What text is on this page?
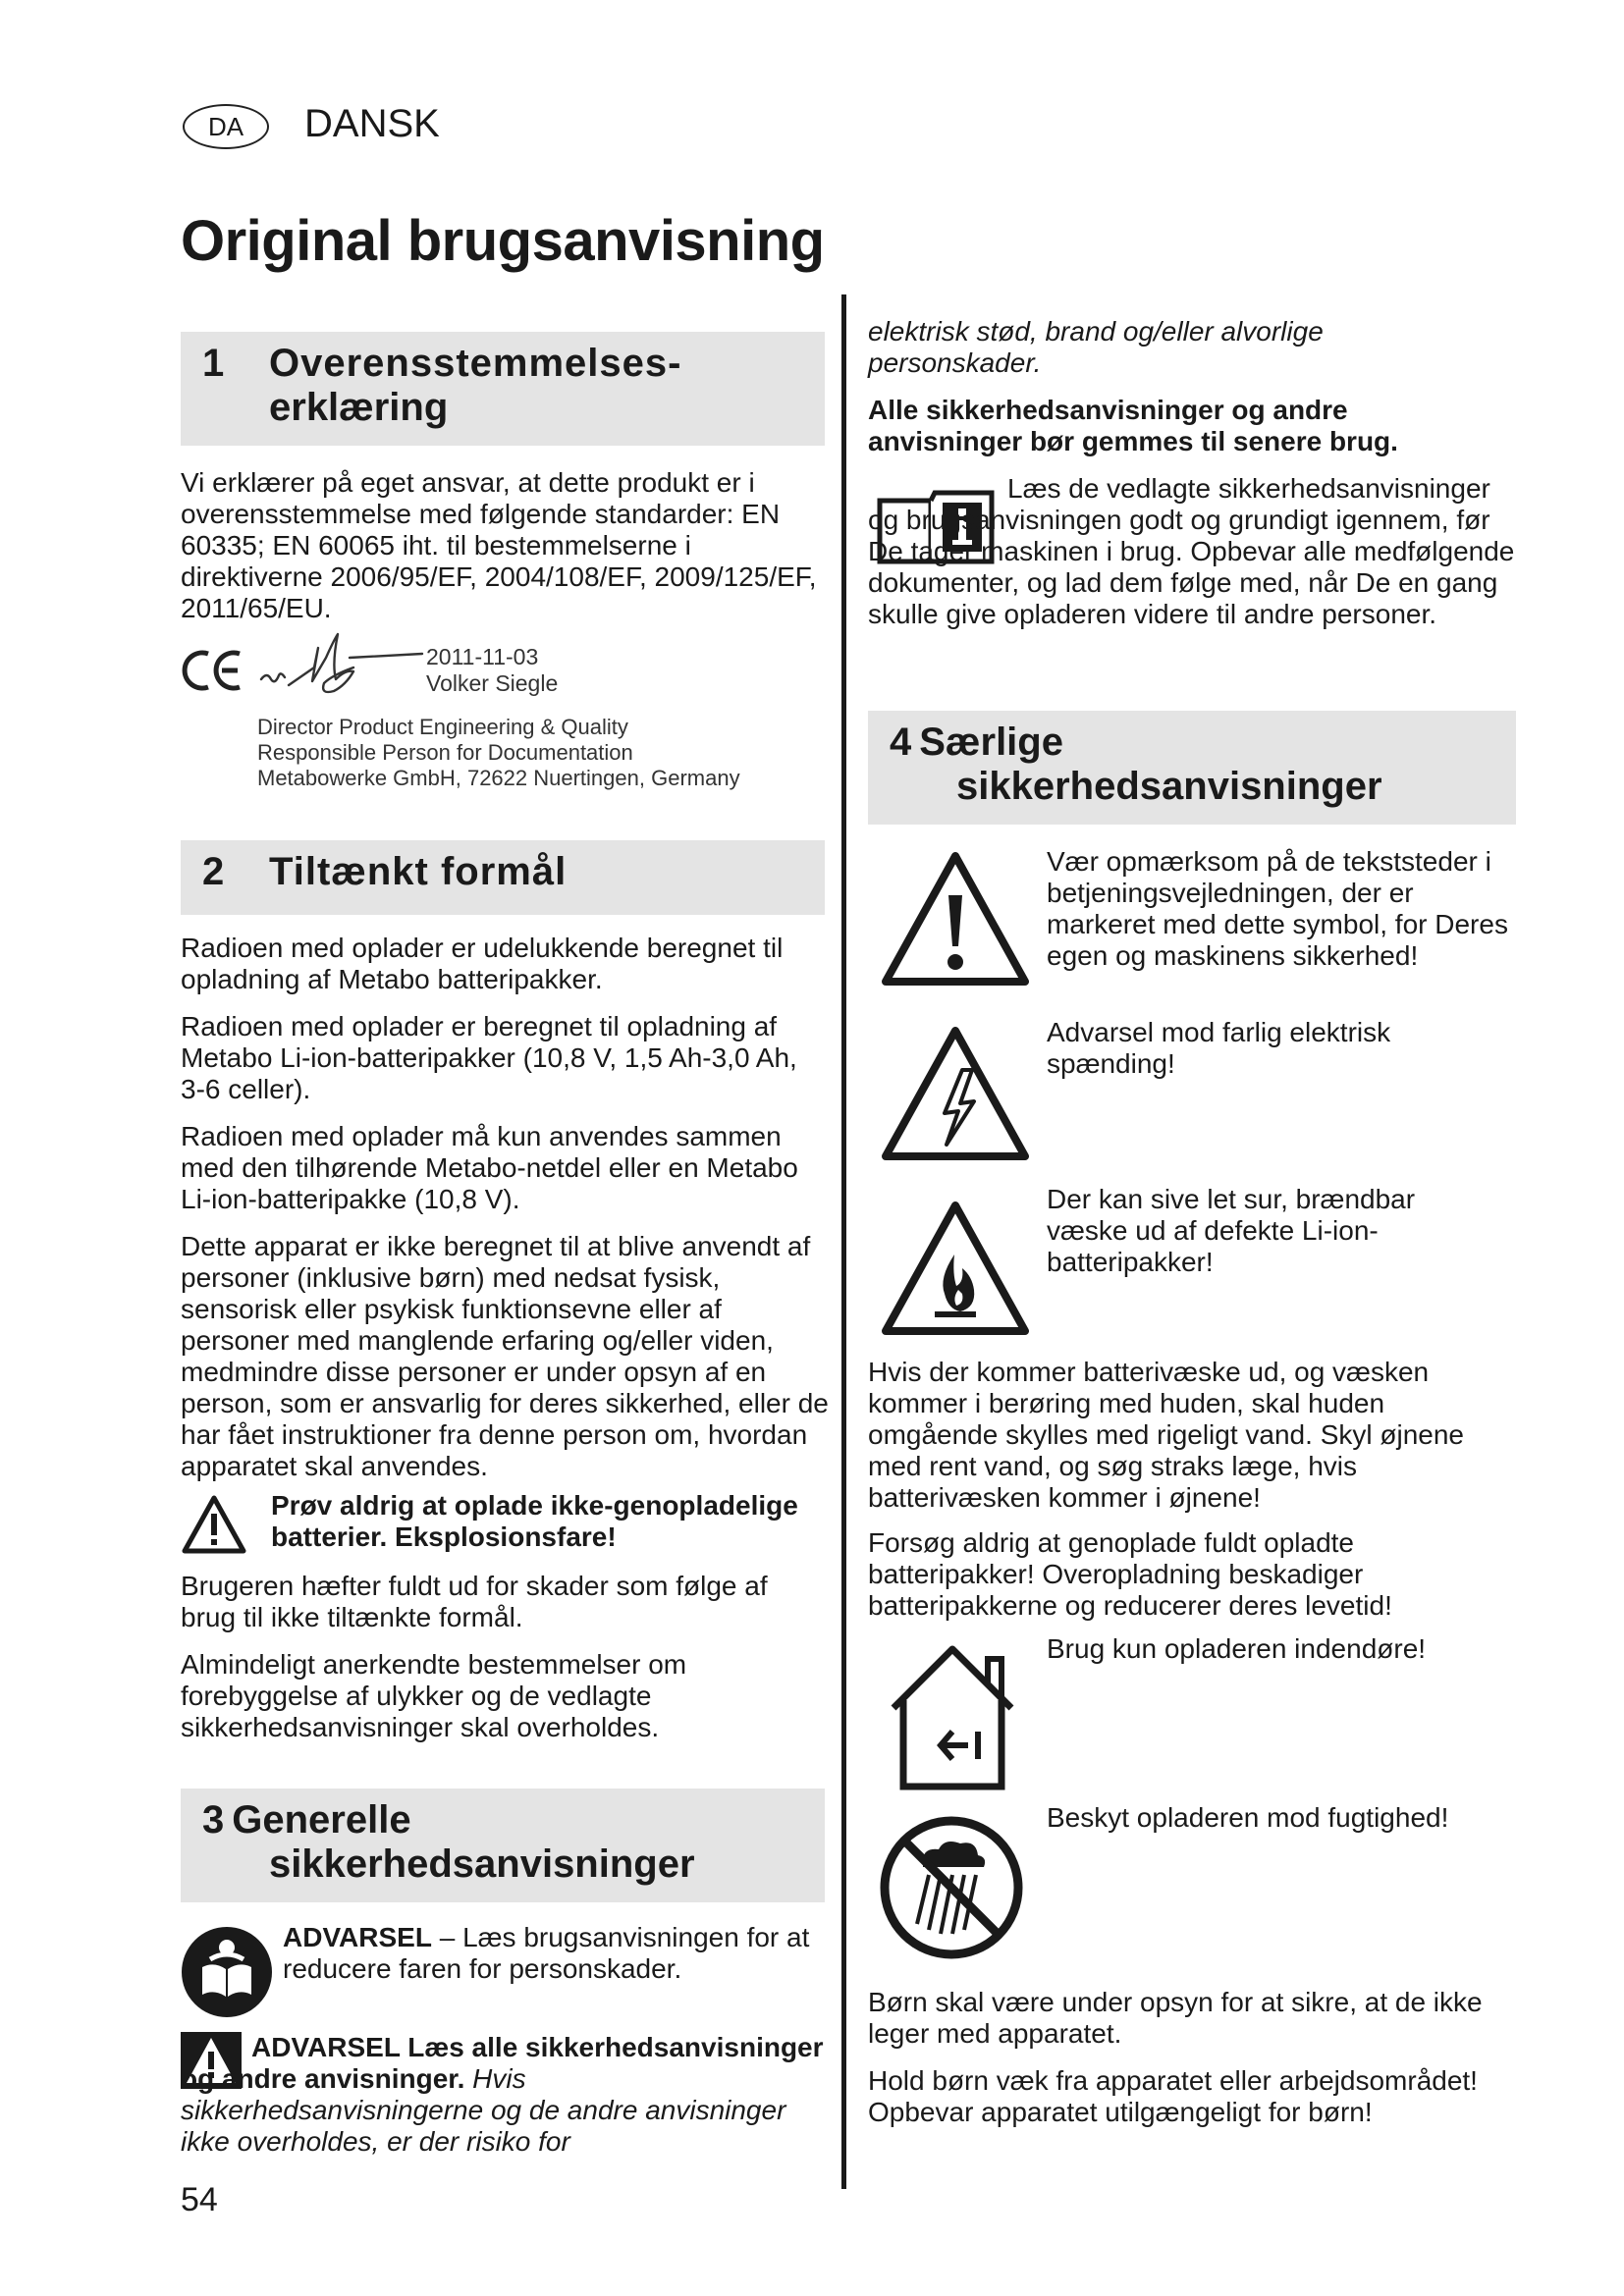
DA	DANSK
Original brugsanvisning
1 Overensstemmelses-
erklæring

Vi erklærer på eget ansvar, at dette produkt er i overensstemmelse med følgende standarder: EN 60335; EN 60065 iht. til bestemmelserne i direktiverne 2006/95/EF, 2004/108/EF, 2009/125/EF, 2011/65/EU.

2011-11-03
Volker Siegle
Director Product Engineering & Quality
Responsible Person for Documentation
Metabowerke GmbH, 72622 Nuertingen, Germany
2 Tiltænkt formål

Radioen med oplader er udelukkende beregnet til opladning af Metabo batteripakker.

Radioen med oplader er beregnet til opladning af Metabo Li-ion-batteripakker (10,8 V, 1,5 Ah-3,0 Ah, 3-6 celler).

Radioen med oplader må kun anvendes sammen med den tilhørende Metabo-netdel eller en Metabo Li-ion-batteripakke (10,8 V).

Dette apparat er ikke beregnet til at blive anvendt af personer (inklusive børn) med nedsat fysisk, sensorisk eller psykisk funktionsevne eller af personer med manglende erfaring og/eller viden, medmindre disse personer er under opsyn af en person, som er ansvarlig for deres sikkerhed, eller de har fået instruktioner fra denne person om, hvordan apparatet skal anvendes.

Prøv aldrig at oplade ikke-genopladelige batterier. Eksplosionsfare!

Brugeren hæfter fuldt ud for skader som følge af brug til ikke tiltænkte formål.

Almindeligt anerkendte bestemmelser om forebyggelse af ulykker og de vedlagte sikkerhedsanvisninger skal overholdes.

3 Generelle
sikkerhedsanvisninger

ADVARSEL – Læs brugsanvisningen for at reducere faren for personskader.

ADVARSEL Læs alle sikkerhedsanvisninger og andre anvisninger. Hvis sikkerhedsanvisningerne og de andre anvisninger ikke overholdes, er der risiko for

54

elektrisk stød, brand og/eller alvorlige personskader.

Alle sikkerhedsanvisninger og andre anvisninger bør gemmes til senere brug.

Læs de vedlagte sikkerhedsanvisninger og brugsanvisningen godt og grundigt igennem, før De tager maskinen i brug. Opbevar alle medfølgende dokumenter, og lad dem følge med, når De en gang skulle give opladeren videre til andre personer.

4 Særlige
sikkerhedsanvisninger

Vær opmærksom på de tekststeder i betjeningsvejledningen, der er markeret med dette symbol, for Deres egen og maskinens sikkerhed!

Advarsel mod farlig elektrisk spænding!

Der kan sive let sur, brændbar væske ud af defekte Li-ion-batteripakker!

Hvis der kommer batterivæske ud, og væsken kommer i berøring med huden, skal huden omgående skylles med rigeligt vand. Skyl øjnene med rent vand, og søg straks læge, hvis batterivæsken kommer i øjnene!

Forsøg aldrig at genoplade fuldt opladte batteripakker! Overopladning beskadiger batteripakkerne og reducerer deres levetid!

Brug kun opladeren indendøre!

Beskyt opladeren mod fugtighed!

Børn skal være under opsyn for at sikre, at de ikke leger med apparatet.

Hold børn væk fra apparatet eller arbejdsområdet! Opbevar apparatet utilgængeligt for børn!
